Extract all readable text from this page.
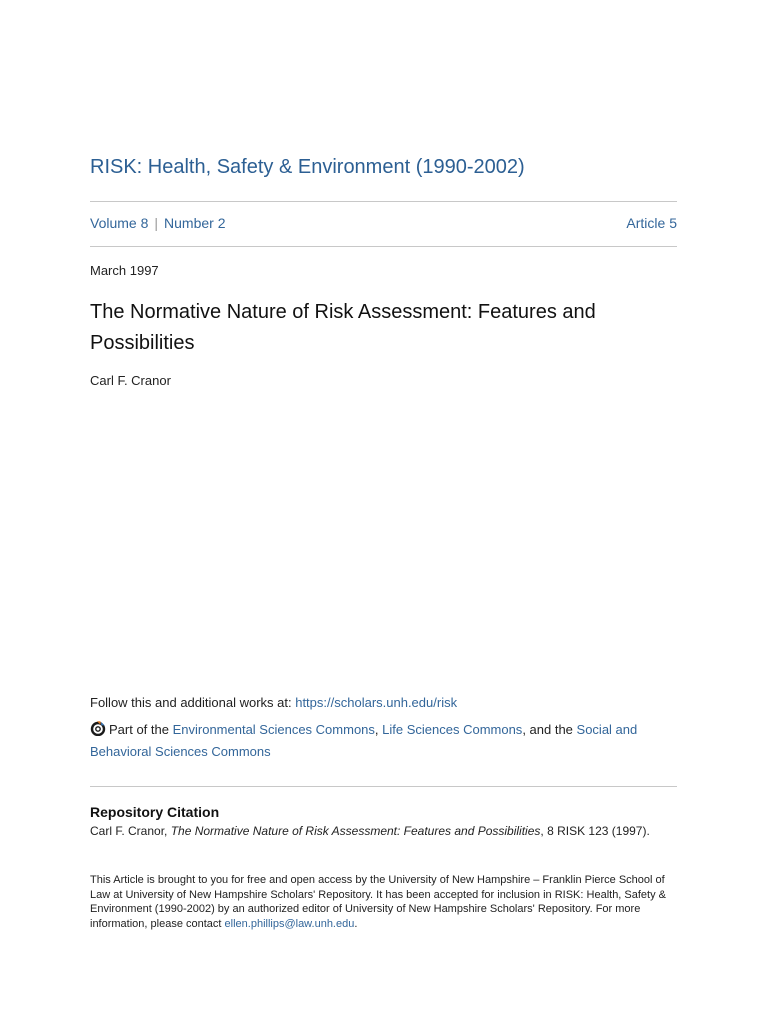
RISK: Health, Safety & Environment (1990-2002)
Volume 8 | Number 2	Article 5
March 1997
The Normative Nature of Risk Assessment: Features and Possibilities
Carl F. Cranor
Follow this and additional works at: https://scholars.unh.edu/risk
Part of the Environmental Sciences Commons, Life Sciences Commons, and the Social and Behavioral Sciences Commons
Repository Citation
Carl F. Cranor, The Normative Nature of Risk Assessment: Features and Possibilities, 8 RISK 123 (1997).
This Article is brought to you for free and open access by the University of New Hampshire – Franklin Pierce School of Law at University of New Hampshire Scholars' Repository. It has been accepted for inclusion in RISK: Health, Safety & Environment (1990-2002) by an authorized editor of University of New Hampshire Scholars' Repository. For more information, please contact ellen.phillips@law.unh.edu.
